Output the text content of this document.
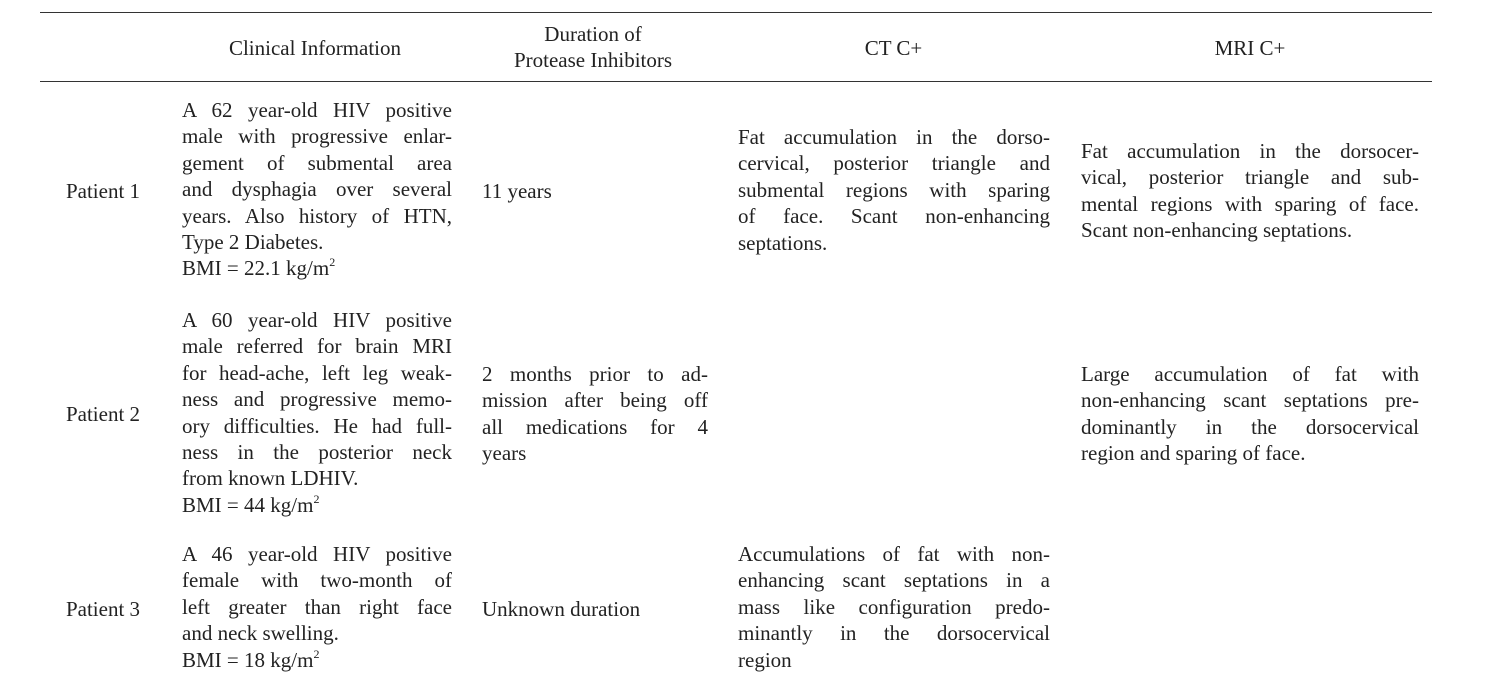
Clinical Information
Duration of
Protease Inhibitors	CT C+	MRI C+
Patient 1
A 62 year-old HIV positive
male with progressive enlar-
gement of submental area
and dysphagia over several
years. Also history of HTN,
Type 2 Diabetes.
BMI = 22.1 $kg/m^2$
11 years
Fat accumulation in the dorso-
cervical, posterior triangle and
submental regions with sparing
of face. Scant non-enhancing
septations.
Fat accumulation in the dorsocer-
vical, posterior triangle and sub-
mental regions with sparing of face.
Scant non-enhancing septations.
Patient 2
A 60 year-old HIV positive
male referred for brain MRI
for head-ache, left leg weak-
ness and progressive memo-
ory difficulties. He had full-
ness in the posterior neck
from known LDHIV.
BMI = 44 $kg/m^2$
2 months prior to ad-
mission after being off
all medications for 4
years
Large accumulation of fat with
non-enhancing scant septations pre-
dominantly in the dorsocervical
region and sparing of face.
Patient 3
A 46 year-old HIV positive
female with two-month of
left greater than right face
and neck swelling.
BMI = 18 $kg/m^2$
Unknown duration
Accumulations of fat with non-
enhancing scant septations in a
mass like configuration predo-
minantly in the dorsocervical
region
